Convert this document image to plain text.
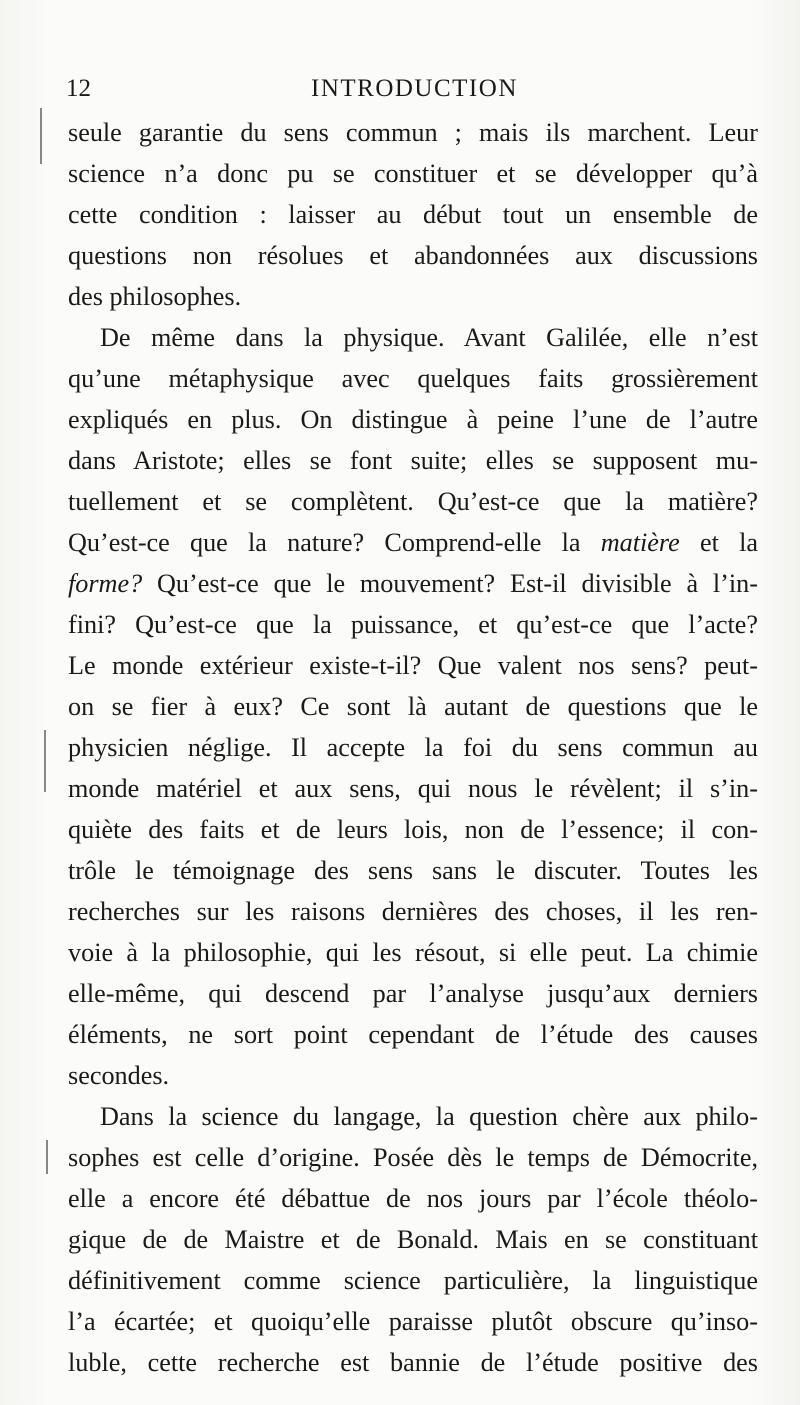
12	INTRODUCTION

seule garantie du sens commun ; mais ils marchent. Leur
science n’a donc pu se constituer et se développer qu’à
cette condition : laisser au début tout un ensemble de
questions non résolues et abandonnées aux discussions
des philosophes.

De même dans la physique. Avant Galilée, elle n’est
qu’une métaphysique avec quelques faits grossièrement
expliqués en plus. On distingue à peine l’une de l’autre
dans Aristote; elles se font suite; elles se supposent mu-
tuellement et se complètent. Qu’est-ce que la matière?
Qu’est-ce que la nature? Comprend-elle la matière et la
forme? Qu’est-ce que le mouvement? Est-il divisible à l’in-
fini? Qu’est-ce que la puissance, et qu’est-ce que l’acte?
Le monde extérieur existe-t-il? Que valent nos sens? peut-
on se fier à eux? Ce sont là autant de questions que le
physicien néglige. Il accepte la foi du sens commun au
monde matériel et aux sens, qui nous le révèlent; il s’in-
quiète des faits et de leurs lois, non de l’essence; il con-
trôle le témoignage des sens sans le discuter. Toutes les
recherches sur les raisons dernières des choses, il les ren-
voie à la philosophie, qui les résout, si elle peut. La chimie
elle-même, qui descend par l’analyse jusqu’aux derniers
éléments, ne sort point cependant de l’étude des causes
secondes.

Dans la science du langage, la question chère aux philo-
sophes est celle d’origine. Posée dès le temps de Démocrite,
elle a encore été débattue de nos jours par l’école théolo-
gique de de Maistre et de Bonald. Mais en se constituant
définitivement comme science particulière, la linguistique
l’a écartée; et quoiqu’elle paraisse plutôt obscure qu’inso-
luble, cette recherche est bannie de l’étude positive des
